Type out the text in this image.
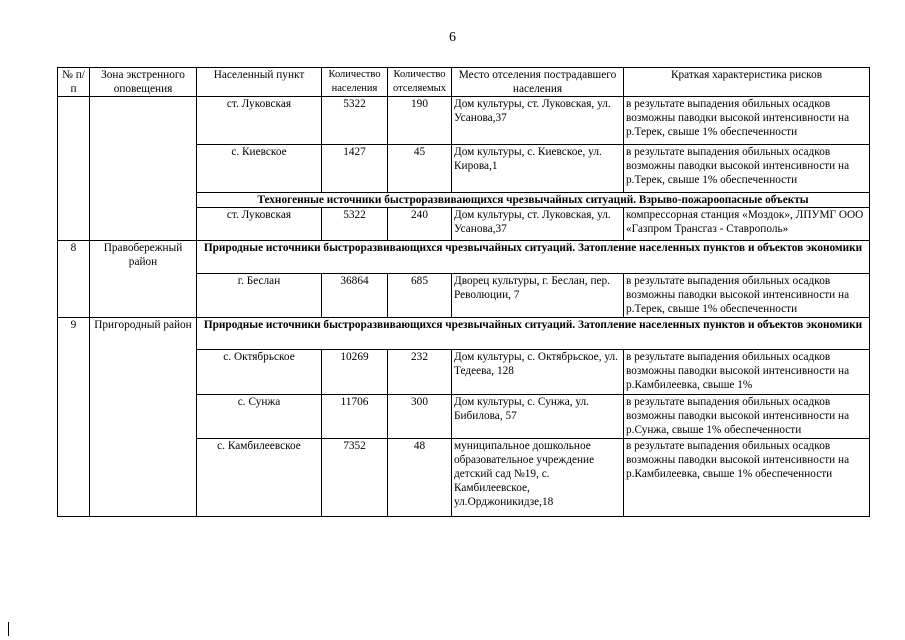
6
№ п/п	Зона экстренного оповещения	Населенный пункт	Количество населения	Количество отселяемых	Место отселения пострадавшего населения	Краткая характеристика рисков
		ст. Луковская	5322	190	Дом культуры, ст. Луковская, ул. Усанова,37	в результате выпадения обильных осадков возможны паводки высокой интенсивности на р.Терек, свыше 1% обеспеченности
		с. Киевское	1427	45	Дом культуры, с. Киевское, ул. Кирова,1	в результате выпадения обильных осадков возможны паводки высокой интенсивности на р.Терек, свыше 1% обеспеченности
		Техногенные источники быстроразвивающихся чрезвычайных ситуаций. Взрыво-пожароопасные объекты				
		ст. Луковская	5322	240	Дом культуры, ст. Луковская, ул. Усанова,37	компрессорная станция «Моздок», ЛПУМГ ООО «Газпром Трансгаз - Ставрополь»
8	Правобережный район	Природные источники быстроразвивающихся чрезвычайных ситуаций. Затопление населенных пунктов и объектов экономики				
		г. Беслан	36864	685	Дворец культуры, г. Беслан, пер. Революции, 7	в результате выпадения обильных осадков возможны паводки высокой интенсивности на р.Терек, свыше 1% обеспеченности
9	Пригородный район	Природные источники быстроразвивающихся чрезвычайных ситуаций. Затопление населенных пунктов и объектов экономики				
		с. Октябрьское	10269	232	Дом культуры, с. Октябрьское, ул. Тедеева, 128	в результате выпадения обильных осадков возможны паводки высокой интенсивности на р.Камбилеевка, свыше 1%
		с. Сунжа	11706	300	Дом культуры, с. Сунжа, ул. Бибилова, 57	в результате выпадения обильных осадков возможны паводки высокой интенсивности на р.Сунжа, свыше 1% обеспеченности
		с. Камбилеевское	7352	48	муниципальное дошкольное образовательное учреждение детский сад №19, с. Камбилеевское, ул.Орджоникидзе,18	в результате выпадения обильных осадков возможны паводки высокой интенсивности на р.Камбилеевка, свыше 1% обеспеченности
